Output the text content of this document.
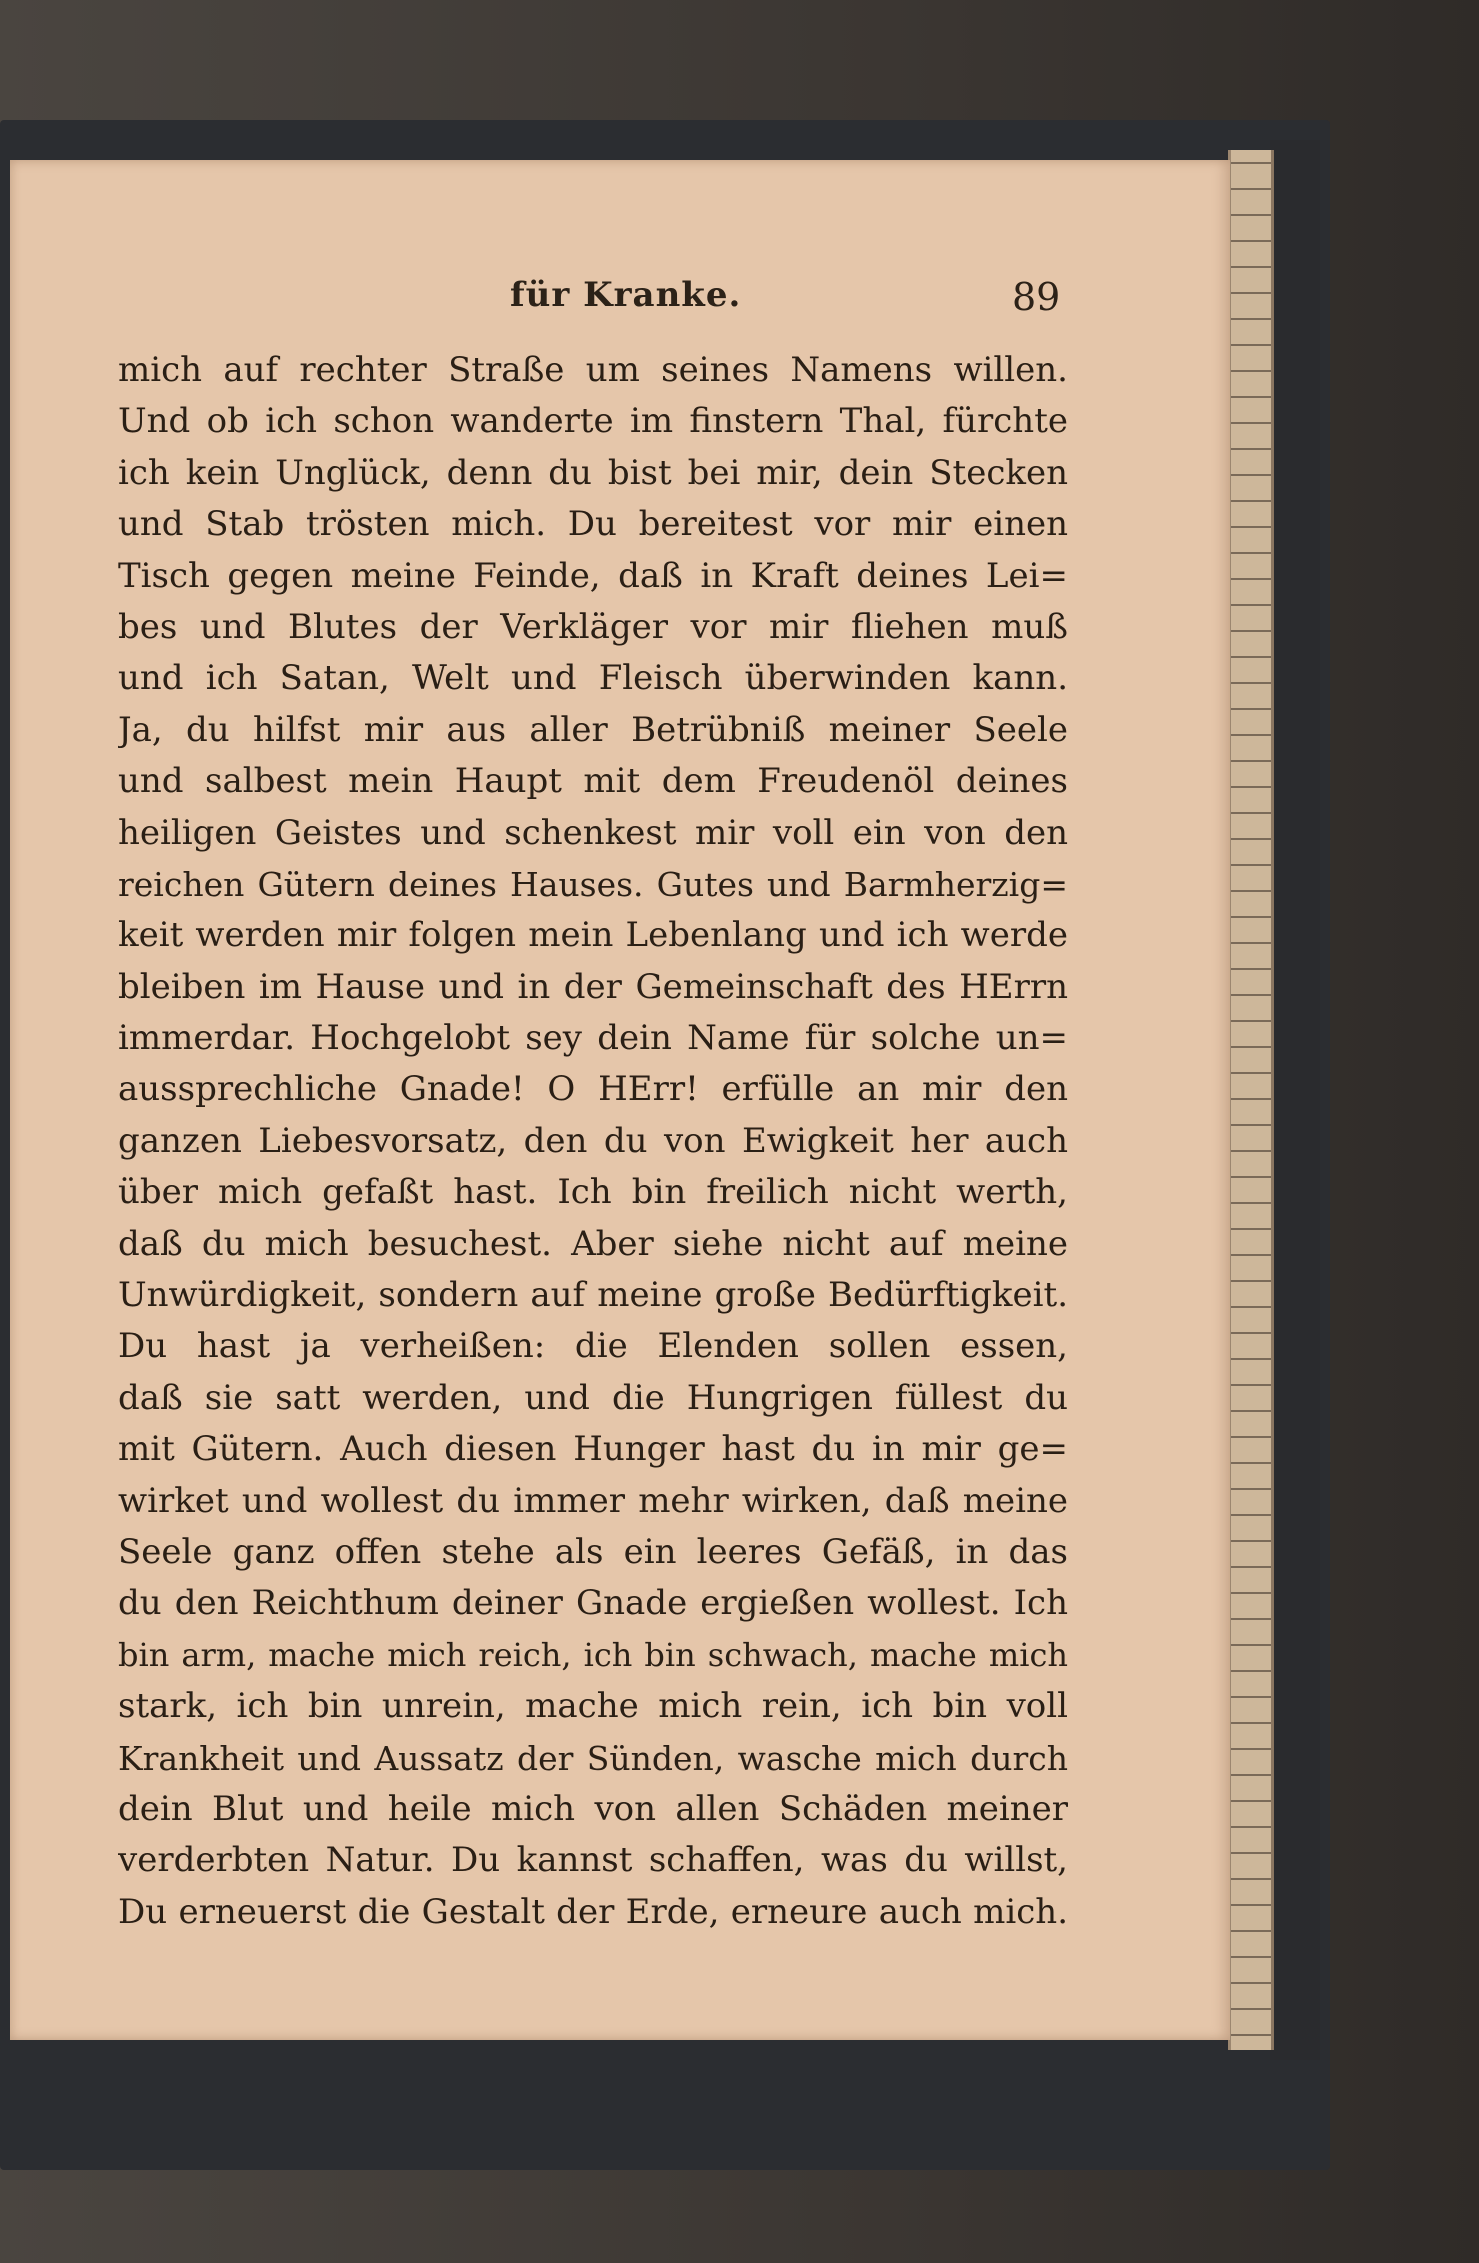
für Kranke.	89
mich auf rechter Straße um seines Namens willen.
Und ob ich schon wanderte im finstern Thal, fürchte
ich kein Unglück, denn du bist bei mir, dein Stecken
und Stab trösten mich. Du bereitest vor mir einen
Tisch gegen meine Feinde, daß in Kraft deines Lei=
bes und Blutes der Verkläger vor mir fliehen muß
und ich Satan, Welt und Fleisch überwinden kann.
Ja, du hilfst mir aus aller Betrübniß meiner Seele
und salbest mein Haupt mit dem Freudenöl deines
heiligen Geistes und schenkest mir voll ein von den
reichen Gütern deines Hauses. Gutes und Barmherzig=
keit werden mir folgen mein Lebenlang und ich werde
bleiben im Hause und in der Gemeinschaft des HErrn
immerdar. Hochgelobt sey dein Name für solche un=
aussprechliche Gnade! O HErr! erfülle an mir den
ganzen Liebesvorsatz, den du von Ewigkeit her auch
über mich gefaßt hast. Ich bin freilich nicht werth,
daß du mich besuchest. Aber siehe nicht auf meine
Unwürdigkeit, sondern auf meine große Bedürftigkeit.
Du hast ja verheißen: die Elenden sollen essen,
daß sie satt werden, und die Hungrigen füllest du
mit Gütern. Auch diesen Hunger hast du in mir ge=
wirket und wollest du immer mehr wirken, daß meine
Seele ganz offen stehe als ein leeres Gefäß, in das
du den Reichthum deiner Gnade ergießen wollest. Ich
bin arm, mache mich reich, ich bin schwach, mache mich
stark, ich bin unrein, mache mich rein, ich bin voll
Krankheit und Aussatz der Sünden, wasche mich durch
dein Blut und heile mich von allen Schäden meiner
verderbten Natur. Du kannst schaffen, was du willst,
Du erneuerst die Gestalt der Erde, erneure auch mich.
